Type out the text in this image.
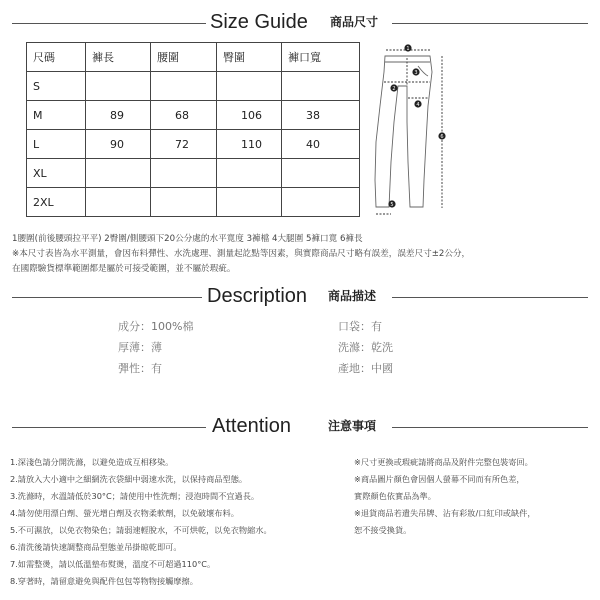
Size Guide 商品尺寸
尺碼	褲長	腰圍	臀圍	褲口寬
S				
M	89	68	106	38
L	90	72	110	40
XL				
2XL				
1
2
3
4
5
6
1腰圍(前後腰頭拉平平) 2臀圍/側腰頭下20公分處的水平寬度 3褲檔 4大腿圍 5褲口寬 6褲長
※本尺寸表皆為水平測量，會因布料彈性、水洗處理、測量起訖點等因素，與實際商品尺寸略有誤差，誤差尺寸±2公分，
在國際驗貨標準範圍都是屬於可接受範圍，並不屬於瑕疵。
Description 商品描述
成分：100%棉
厚薄：薄
彈性：有
口袋：有
洗滌：乾洗
產地：中國
Attention	注意事項
1.深淺色請分開洗滌，以避免造成互相移染。
2.請放入大小適中之細網洗衣袋細中弱速水洗，以保持商品型態。
3.洗滌時，水溫請低於30°C；請使用中性洗劑；浸泡時間不宜過長。
4.請勿使用漂白劑、螢光增白劑及衣物柔軟劑，以免破壞布料。
5.不可濕放，以免衣物染色；請弱速輕脫水，不可烘乾，以免衣物縮水。
6.清洗後請快速調整商品型態並吊掛晾乾即可。
7.如需整燙，請以低溫墊布熨燙，溫度不可超過110°C。
8.穿著時，請留意避免與配件包包等物物接觸摩擦。
※尺寸更換或瑕疵請將商品及附件完整包裝寄回。
※商品圖片顏色會因個人螢幕不同而有所色差，
實際顏色依實品為準。
※退貨商品若遺失吊牌、沾有彩妝/口紅印或缺件，
恕不接受換貨。
